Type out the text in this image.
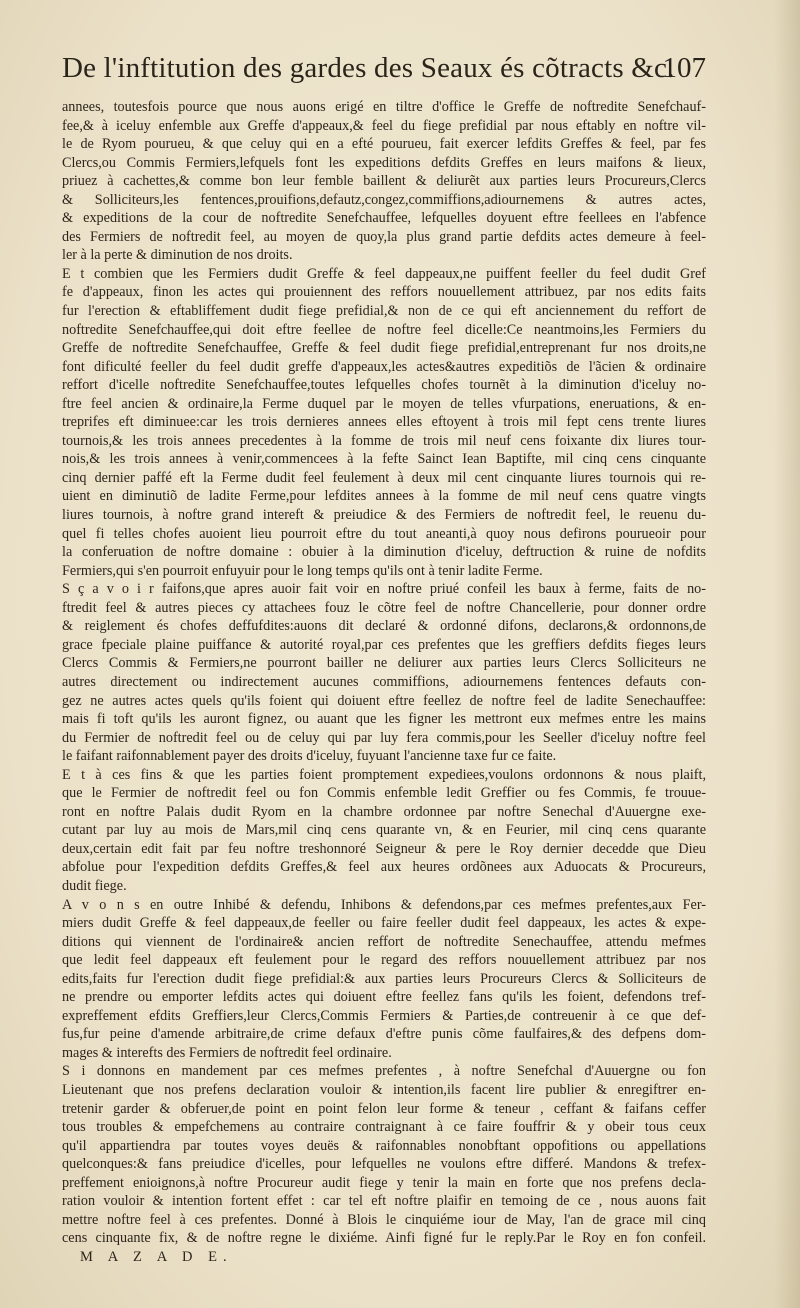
De l'inftitution des gardes des Seaux és cõtracts &c.
107
annees, toutesfois pource que nous auons erigé en tiltre d'office le Greffe de noftredite Senefchauf-
fee,& à iceluy enfemble aux Greffe d'appeaux,& feel du fiege prefidial par nous eftably en noftre vil-
le de Ryom pourueu, & que celuy qui en a efté pourueu, fait exercer lefdits Greffes & feel, par fes
Clercs,ou Commis Fermiers,lefquels font les expeditions defdits Greffes en leurs maifons & lieux,
priuez à cachettes,& comme bon leur femble baillent & deliurẽt aux parties leurs Procureurs,Clercs
& Solliciteurs,les fentences,prouifions,defautz,congez,commiffions,adiournemens & autres actes,
& expeditions de la cour de noftredite Senefchauffee, lefquelles doyuent eftre feellees en l'abfence
des Fermiers de noftredit feel, au moyen de quoy,la plus grand partie defdits actes demeure à feel-
ler à la perte & diminution de nos droits.
E t combien que les Fermiers dudit Greffe & feel dappeaux,ne puiffent feeller du feel dudit Gref
fe d'appeaux, finon les actes qui prouiennent des reffors nouuellement attribuez, par nos edits faits
fur l'erection & eftabliffement dudit fiege prefidial,& non de ce qui eft anciennement du reffort de
noftredite Senefchauffee,qui doit eftre feellee de noftre feel dicelle:Ce neantmoins,les Fermiers du
Greffe de noftredite Senefchauffee, Greffe & feel dudit fiege prefidial,entreprenant fur nos droits,ne
font dificulté feeller du feel dudit greffe d'appeaux,les actes&autres expeditiõs de l'ãcien & ordinaire
reffort d'icelle noftredite Senefchauffee,toutes lefquelles chofes tournẽt à la diminution d'iceluy no-
ftre feel ancien & ordinaire,la Ferme duquel par le moyen de telles vfurpations, eneruations, & en-
treprifes eft diminuee:car les trois dernieres annees elles eftoyent à trois mil fept cens trente liures
tournois,& les trois annees precedentes à la fomme de trois mil neuf cens foixante dix liures tour-
nois,& les trois annees à venir,commencees à la fefte Sainct Iean Baptifte, mil cinq cens cinquante
cinq dernier paffé eft la Ferme dudit feel feulement à deux mil cent cinquante liures tournois qui re-
uient en diminutiõ de ladite Ferme,pour lefdites annees à la fomme de mil neuf cens quatre vingts
liures tournois, à noftre grand intereft & preiudice & des Fermiers de noftredit feel, le reuenu du-
quel fi telles chofes auoient lieu pourroit eftre du tout aneanti,à quoy nous defirons pourueoir pour
la conferuation de noftre domaine : obuier à la diminution d'iceluy, deftruction & ruine de nofdits
Fermiers,qui s'en pourroit enfuyuir pour le long temps qu'ils ont à tenir ladite Ferme.
S ç a v o i r faifons,que apres auoir fait voir en noftre priué confeil les baux à ferme, faits de no-
ftredit feel & autres pieces cy attachees fouz le cõtre feel de noftre Chancellerie, pour donner ordre
& reiglement és chofes deffufdites:auons dit declaré & ordonné difons, declarons,& ordonnons,de
grace fpeciale plaine puiffance & autorité royal,par ces prefentes que les greffiers defdits fieges leurs
Clercs Commis & Fermiers,ne pourront bailler ne deliurer aux parties leurs Clercs Solliciteurs ne
autres directement ou indirectement aucunes commiffions, adiournemens fentences defauts con-
gez ne autres actes quels qu'ils foient qui doiuent eftre feellez de noftre feel de ladite Senechauffee:
mais fi toft qu'ils les auront fignez, ou auant que les figner les mettront eux mefmes entre les mains
du Fermier de noftredit feel ou de celuy qui par luy fera commis,pour les Seeller d'iceluy noftre feel
le faifant raifonnablement payer des droits d'iceluy, fuyuant l'ancienne taxe fur ce faite.
E t à ces fins & que les parties foient promptement expediees,voulons ordonnons & nous plaift,
que le Fermier de noftredit feel ou fon Commis enfemble ledit Greffier ou fes Commis, fe trouue-
ront en noftre Palais dudit Ryom en la chambre ordonnee par noftre Senechal d'Auuergne exe-
cutant par luy au mois de Mars,mil cinq cens quarante vn, & en Feurier, mil cinq cens quarante
deux,certain edit fait par feu noftre treshonnoré Seigneur & pere le Roy dernier decedde que Dieu
abfolue pour l'expedition defdits Greffes,& feel aux heures ordõnees aux Aduocats & Procureurs,
dudit fiege.
A v o n s en outre Inhibé & defendu, Inhibons & defendons,par ces mefmes prefentes,aux Fer-
miers dudit Greffe & feel dappeaux,de feeller ou faire feeller dudit feel dappeaux, les actes & expe-
ditions qui viennent de l'ordinaire& ancien reffort de noftredite Senechauffee, attendu mefmes
que ledit feel dappeaux eft feulement pour le regard des reffors nouuellement attribuez par nos
edits,faits fur l'erection dudit fiege prefidial:& aux parties leurs Procureurs Clercs & Solliciteurs de
ne prendre ou emporter lefdits actes qui doiuent eftre feellez fans qu'ils les foient, defendons tref-
expreffement efdits Greffiers,leur Clercs,Commis Fermiers & Parties,de contreuenir à ce que def-
fus,fur peine d'amende arbitraire,de crime defaux d'eftre punis cõme faulfaires,& des defpens dom-
mages & interefts des Fermiers de noftredit feel ordinaire.
S i donnons en mandement par ces mefmes prefentes , à noftre Senefchal d'Auuergne ou fon
Lieutenant que nos prefens declaration vouloir & intention,ils facent lire publier & enregiftrer en-
tretenir garder & obferuer,de point en point felon leur forme & teneur , ceffant & faifans ceffer
tous troubles & empefchemens au contraire contraignant à ce faire fouffrir & y obeir tous ceux
qu'il appartiendra par toutes voyes deuës & raifonnables nonobftant oppofitions ou appellations
quelconques:& fans preiudice d'icelles, pour lefquelles ne voulons eftre differé. Mandons & trefex-
preffement enioignons,à noftre Procureur audit fiege y tenir la main en forte que nos prefens decla-
ration vouloir & intention fortent effet : car tel eft noftre plaifir en temoing de ce , nous auons fait
mettre noftre feel à ces prefentes. Donné à Blois le cinquiéme iour de May, l'an de grace mil cinq
cens cinquante fix, & de noftre regne le dixiéme. Ainfi figné fur le reply.Par le Roy en fon confeil.
M A Z A D E.
